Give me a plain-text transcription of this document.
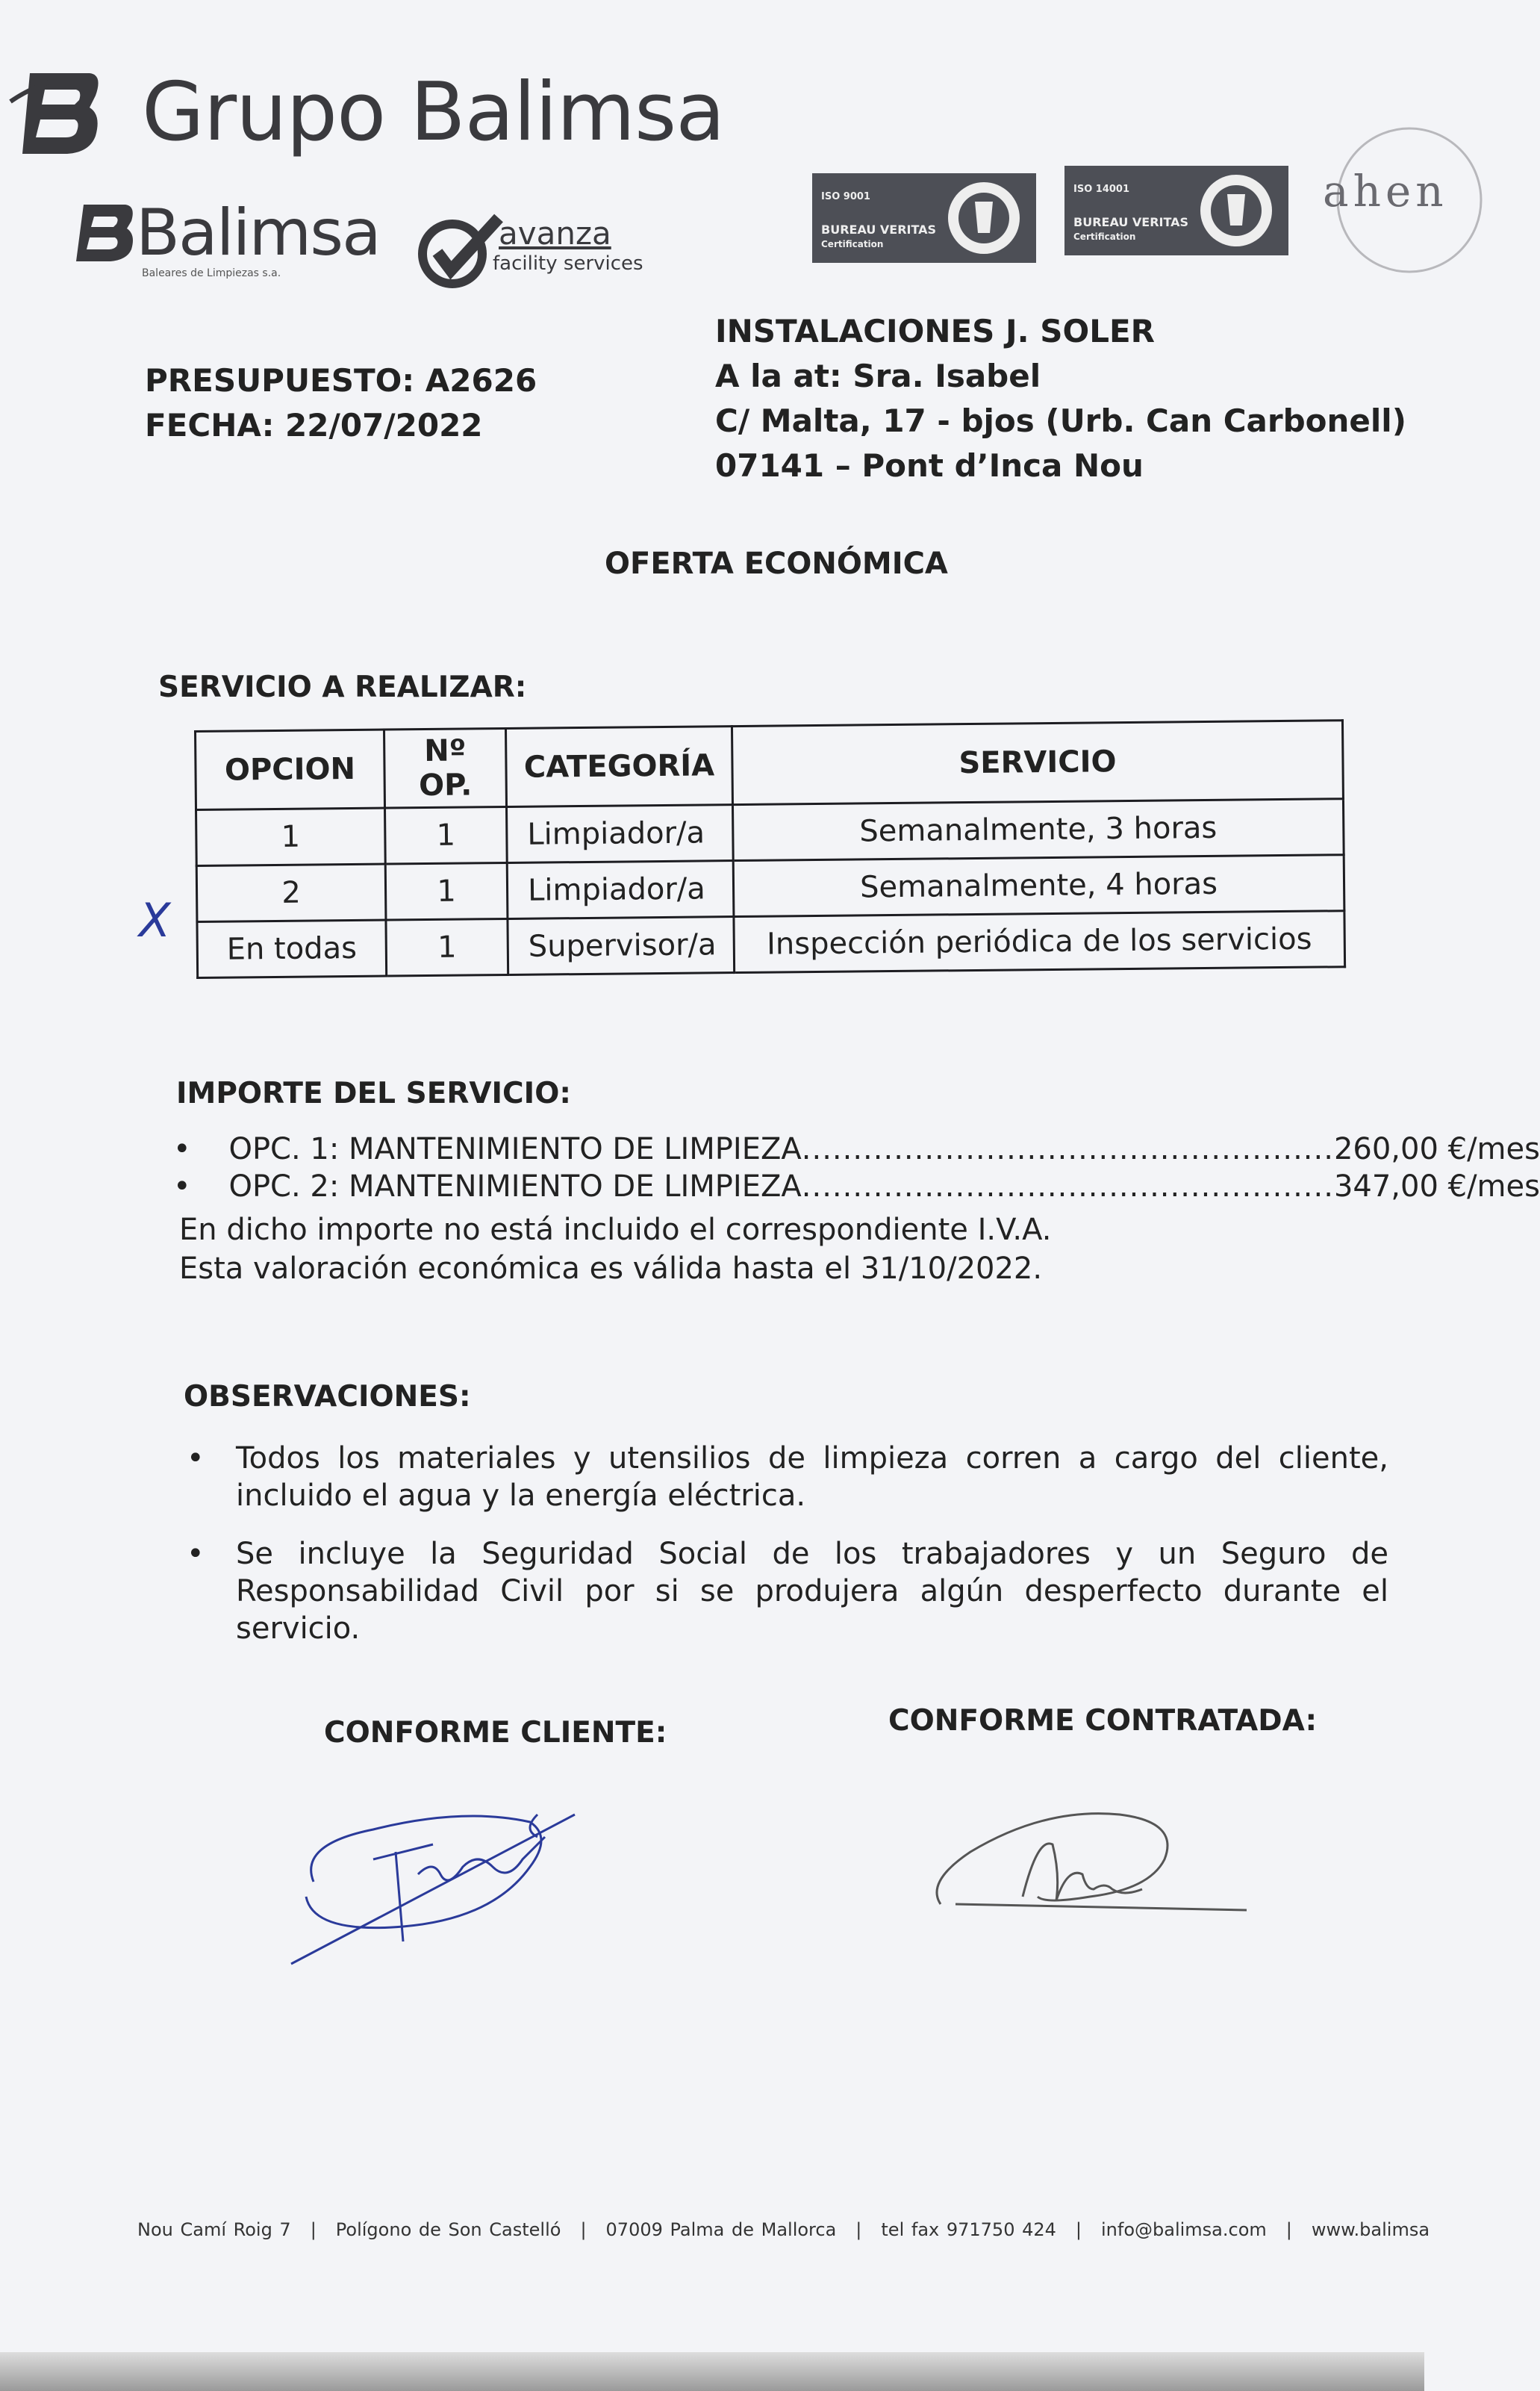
Grupo Balimsa
Balimsa
Baleares de Limpiezas s.a.
avanza
facility services
ISO 9001
BUREAU VERITAS
Certification
ISO 14001
BUREAU VERITAS
Certification
ahen
PRESUPUESTO: A2626
FECHA: 22/07/2022
INSTALACIONES J. SOLER
A la at: Sra. Isabel
C/ Malta, 17 - bjos (Urb. Can Carbonell)
07141 – Pont d’Inca Nou
OFERTA ECONÓMICA
SERVICIO A REALIZAR:
OPCION	Nº OP.	CATEGORÍA	SERVICIO
1	1	Limpiador/a	Semanalmente, 3 horas
2	1	Limpiador/a	Semanalmente, 4 horas
En todas	1	Supervisor/a	Inspección periódica de los servicios
X
IMPORTE DEL SERVICIO:
•    OPC. 1: MANTENIMIENTO DE LIMPIEZA....................................................260,00 €/mes
•    OPC. 2: MANTENIMIENTO DE LIMPIEZA....................................................347,00 €/mes
En dicho importe no está incluido el correspondiente I.V.A.
Esta valoración económica es válida hasta el 31/10/2022.
OBSERVACIONES:
• Todos los materiales y utensilios de limpieza corren a cargo del cliente, incluido el agua y la energía eléctrica.
• Se incluye la Seguridad Social de los trabajadores y un Seguro de Responsabilidad Civil por si se produjera algún desperfecto durante el servicio.
CONFORME CLIENTE:	CONFORME CONTRATADA:
Nou Camí Roig 7 | Polígono de Son Castelló | 07009 Palma de Mallorca | tel fax 971750 424 | info@balimsa.com | www.balimsa
